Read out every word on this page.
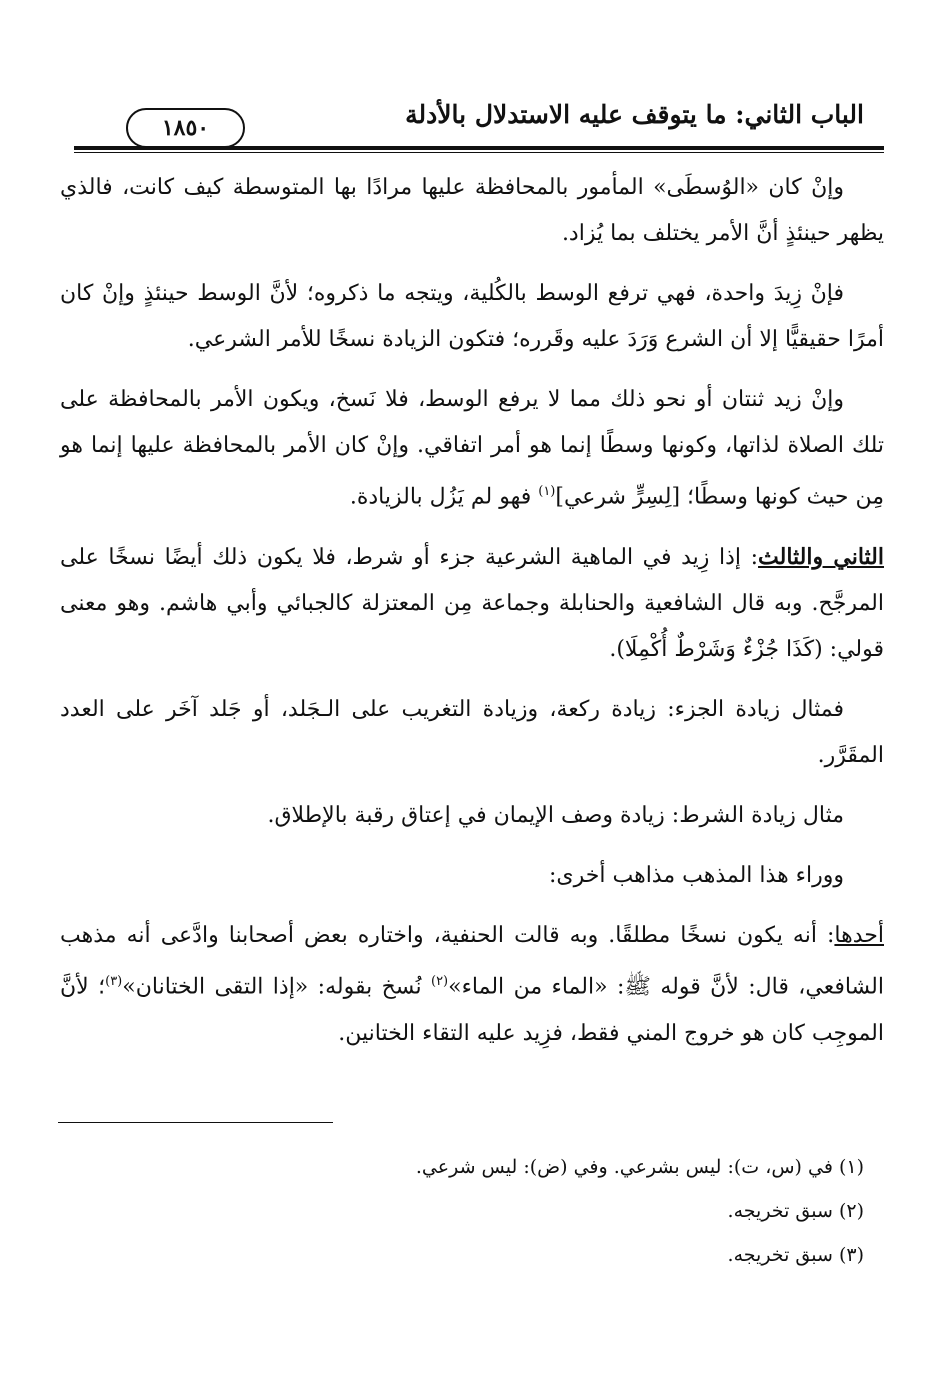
الباب الثاني: ما يتوقف عليه الاستدلال بالأدلة
١٨٥٠

وإنْ كان «الوُسطَى» المأمور بالمحافظة عليها مرادًا بها المتوسطة كيف كانت، فالذي يظهر حينئذٍ أنَّ الأمر يختلف بما يُزاد.

فإنْ زِيدَ واحدة، فهي ترفع الوسط بالكُلية، ويتجه ما ذكروه؛ لأنَّ الوسط حينئذٍ وإنْ كان أمرًا حقيقيًّا إلا أن الشرع وَرَدَ عليه وقَرره؛ فتكون الزيادة نسخًا للأمر الشرعي.

وإنْ زيد ثنتان أو نحو ذلك مما لا يرفع الوسط، فلا نَسخ، ويكون الأمر بالمحافظة على تلك الصلاة لذاتها، وكونها وسطًا إنما هو أمر اتفاقي. وإنْ كان الأمر بالمحافظة عليها إنما هو مِن حيث كونها وسطًا؛ [لِسِرٍّ شرعي]$^{(١)}$ فهو لم يَزُل بالزيادة.

الثاني والثالث: إذا زِيد في الماهية الشرعية جزء أو شرط، فلا يكون ذلك أيضًا نسخًا على المرجَّح. وبه قال الشافعية والحنابلة وجماعة مِن المعتزلة كالجبائي وأبي هاشم. وهو معنى قولي: (كَذَا جُزْءٌ وَشَرْطٌ أُكْمِلَا).

فمثال زيادة الجزء: زيادة ركعة، وزيادة التغريب على الـجَلد، أو جَلد آخَر على العدد المقَرَّر.

مثال زيادة الشرط: زيادة وصف الإيمان في إعتاق رقبة بالإطلاق.

ووراء هذا المذهب مذاهب أخرى:

أحدها: أنه يكون نسخًا مطلقًا. وبه قالت الحنفية، واختاره بعض أصحابنا وادَّعى أنه مذهب الشافعي، قال: لأنَّ قوله ﷺ: «الماء من الماء»$^{(٢)}$ نُسخ بقوله: «إذا التقى الختانان»$^{(٣)}$؛ لأنَّ الموجِب كان هو خروج المني فقط، فزِيد عليه التقاء الختانين.

(١) في (س، ت): ليس بشرعي. وفي (ض): ليس شرعي.

(٢) سبق تخريجه.

(٣) سبق تخريجه.
